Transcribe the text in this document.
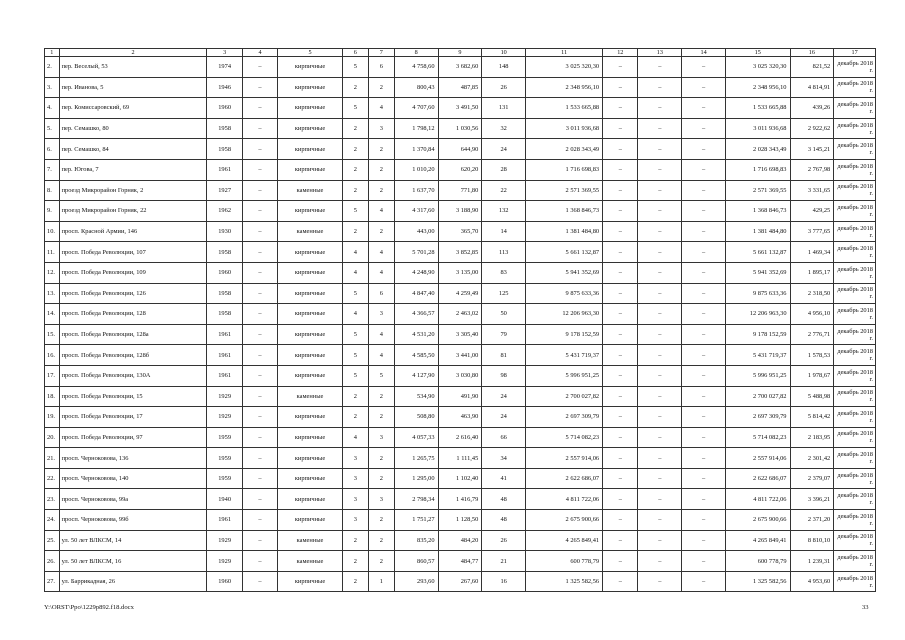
1	2	3	4	5	6	7	8	9	10	11	12	13	14	15	16	17
2.	пер. Веселый, 53	1974	–	кирпичные	5	6	4 758,60	3 682,60	148	3 025 320,30	–	–	–	3 025 320,30	821,52	декабрь 2018 г.
3.	пер. Иванова, 5	1946	–	кирпичные	2	2	800,43	487,85	26	2 348 956,10	–	–	–	2 348 956,10	4 814,91	декабрь 2018 г.
4.	пер. Комиссаровский, 69	1960	–	кирпичные	5	4	4 707,60	3 491,50	131	1 533 665,88	–	–	–	1 533 665,88	439,26	декабрь 2018 г.
5.	пер. Семашко, 80	1958	–	кирпичные	2	3	1 798,12	1 030,56	32	3 011 936,68	–	–	–	3 011 936,68	2 922,62	декабрь 2018 г.
6.	пер. Семашко, 84	1958	–	кирпичные	2	2	1 370,84	644,90	24	2 028 343,49	–	–	–	2 028 343,49	3 145,21	декабрь 2018 г.
7.	пер. Югова, 7	1961	–	кирпичные	2	2	1 010,20	620,20	28	1 716 698,83	–	–	–	1 716 698,83	2 767,98	декабрь 2018 г.
8.	проезд Микрорайон Горняк, 2	1927	–	каменные	2	2	1 637,70	771,80	22	2 571 369,55	–	–	–	2 571 369,55	3 331,65	декабрь 2018 г.
9.	проезд Микрорайон Горняк, 22	1962	–	кирпичные	5	4	4 317,60	3 188,90	132	1 368 846,73	–	–	–	1 368 846,73	429,25	декабрь 2018 г.
10.	просп. Красной Армии, 146	1930	–	каменные	2	2	443,00	365,70	14	1 381 484,80	–	–	–	1 381 484,80	3 777,65	декабрь 2018 г.
11.	просп. Победа Революции, 107	1958	–	кирпичные	4	4	5 701,28	3 852,85	113	5 661 132,87	–	–	–	5 661 132,87	1 469,34	декабрь 2018 г.
12.	просп. Победа Революции, 109	1960	–	кирпичные	4	4	4 248,90	3 135,00	83	5 941 352,69	–	–	–	5 941 352,69	1 895,17	декабрь 2018 г.
13.	просп. Победа Революции, 126	1958	–	кирпичные	5	6	4 847,40	4 259,49	125	9 875 633,36	–	–	–	9 875 633,36	2 318,50	декабрь 2018 г.
14.	просп. Победа Революции, 128	1958	–	кирпичные	4	3	4 366,57	2 463,02	50	12 206 963,30	–	–	–	12 206 963,30	4 956,10	декабрь 2018 г.
15.	просп. Победа Революции, 128а	1961	–	кирпичные	5	4	4 531,20	3 305,40	79	9 178 152,59	–	–	–	9 178 152,59	2 776,71	декабрь 2018 г.
16.	просп. Победа Революции, 128б	1961	–	кирпичные	5	4	4 585,50	3 441,00	81	5 431 719,37	–	–	–	5 431 719,37	1 578,53	декабрь 2018 г.
17.	просп. Победа Революции, 130А	1961	–	кирпичные	5	5	4 127,90	3 030,80	98	5 996 951,25	–	–	–	5 996 951,25	1 978,67	декабрь 2018 г.
18.	просп. Победа Революции, 15	1929	–	каменные	2	2	534,90	491,90	24	2 700 027,82	–	–	–	2 700 027,82	5 488,98	декабрь 2018 г.
19.	просп. Победа Революции, 17	1929	–	кирпичные	2	2	508,80	463,90	24	2 697 309,79	–	–	–	2 697 309,79	5 814,42	декабрь 2018 г.
20.	просп. Победа Революции, 97	1959	–	кирпичные	4	3	4 057,33	2 616,40	66	5 714 082,23	–	–	–	5 714 082,23	2 183,95	декабрь 2018 г.
21.	просп. Черноковова, 136	1959	–	кирпичные	3	2	1 265,75	1 111,45	34	2 557 914,06	–	–	–	2 557 914,06	2 301,42	декабрь 2018 г.
22.	просп. Черноковова, 140	1959	–	кирпичные	3	2	1 295,00	1 102,40	41	2 622 686,07	–	–	–	2 622 686,07	2 379,07	декабрь 2018 г.
23.	просп. Черноковова, 99а	1940	–	кирпичные	3	3	2 798,34	1 416,79	48	4 811 722,06	–	–	–	4 811 722,06	3 396,21	декабрь 2018 г.
24.	просп. Черноковова, 99б	1961	–	кирпичные	3	2	1 751,27	1 128,50	48	2 675 900,66	–	–	–	2 675 900,66	2 371,20	декабрь 2018 г.
25.	ул. 50 лет ВЛКСМ, 14	1929	–	каменные	2	2	835,20	484,20	26	4 265 849,41	–	–	–	4 265 849,41	8 810,10	декабрь 2018 г.
26.	ул. 50 лет ВЛКСМ, 16	1929	–	каменные	2	2	860,57	484,77	21	600 778,79	–	–	–	600 778,79	1 239,31	декабрь 2018 г.
27.	ул. Баррикадная, 26	1960	–	кирпичные	2	1	293,60	267,60	16	1 325 582,56	–	–	–	1 325 582,56	4 953,60	декабрь 2018 г.
Y:\ORST\Ppo\1229p892.f18.docx	33
